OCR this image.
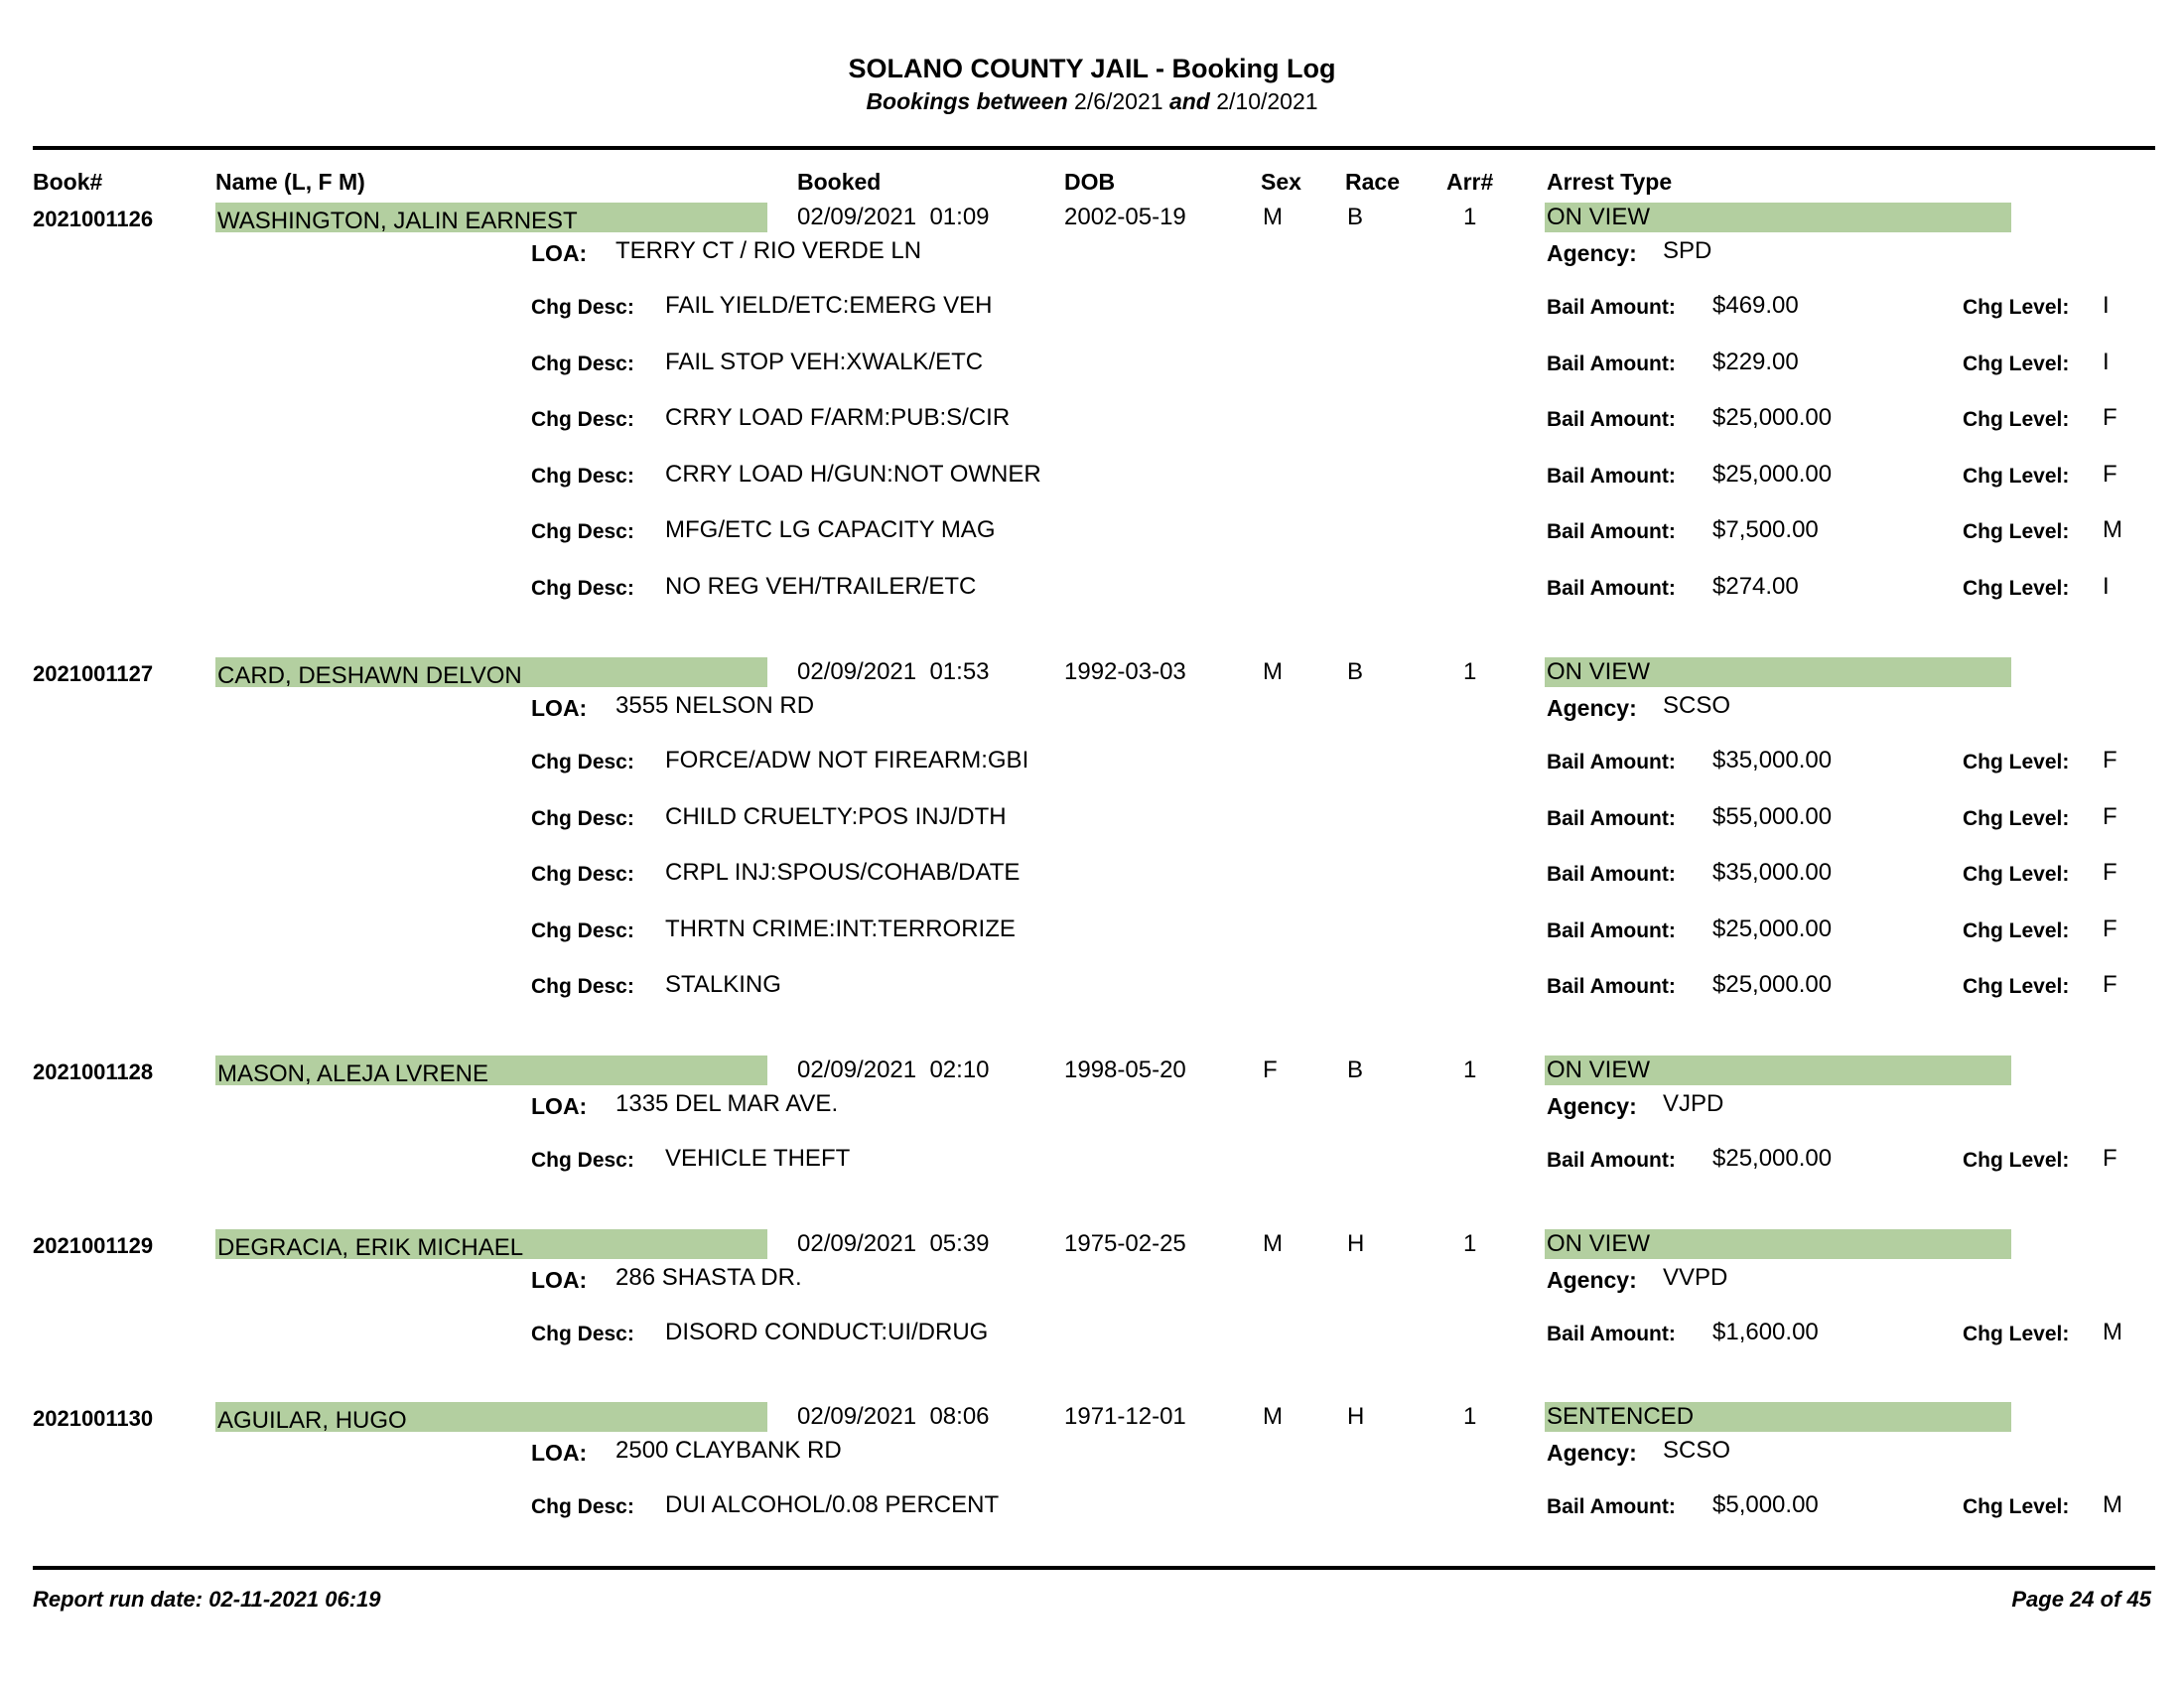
SOLANO COUNTY JAIL - Booking Log
Bookings between 2/6/2021 and 2/10/2021
Book#	Name (L, F M)	Booked	DOB	Sex Race Arr# Arrest Type
2021001126	WASHINGTON, JALIN EARNEST	02/09/2021  01:09	2002-05-19	M	B	1	ON VIEW
LOA: TERRY CT / RIO VERDE LN	Agency: SPD
Chg Desc: FAIL YIELD/ETC:EMERG VEH	Bail Amount: $469.00	Chg Level: I
Chg Desc: FAIL STOP VEH:XWALK/ETC	Bail Amount: $229.00	Chg Level: I
Chg Desc: CRRY LOAD F/ARM:PUB:S/CIR	Bail Amount: $25,000.00	Chg Level: F
Chg Desc: CRRY LOAD H/GUN:NOT OWNER	Bail Amount: $25,000.00	Chg Level: F
Chg Desc: MFG/ETC LG CAPACITY MAG	Bail Amount: $7,500.00	Chg Level: M
Chg Desc: NO REG VEH/TRAILER/ETC	Bail Amount: $274.00	Chg Level: I
2021001127	CARD, DESHAWN DELVON	02/09/2021  01:53	1992-03-03	M	B	1	ON VIEW
LOA: 3555 NELSON RD	Agency: SCSO
Chg Desc: FORCE/ADW NOT FIREARM:GBI	Bail Amount: $35,000.00	Chg Level: F
Chg Desc: CHILD CRUELTY:POS INJ/DTH	Bail Amount: $55,000.00	Chg Level: F
Chg Desc: CRPL INJ:SPOUS/COHAB/DATE	Bail Amount: $35,000.00	Chg Level: F
Chg Desc: THRTN CRIME:INT:TERRORIZE	Bail Amount: $25,000.00	Chg Level: F
Chg Desc: STALKING	Bail Amount: $25,000.00	Chg Level: F
2021001128	MASON, ALEJA LVRENE	02/09/2021  02:10	1998-05-20	F	B	1	ON VIEW
LOA: 1335 DEL MAR AVE.	Agency: VJPD
Chg Desc: VEHICLE THEFT	Bail Amount: $25,000.00	Chg Level: F
2021001129	DEGRACIA, ERIK MICHAEL	02/09/2021  05:39	1975-02-25	M	H	1	ON VIEW
LOA: 286 SHASTA DR.	Agency: VVPD
Chg Desc: DISORD CONDUCT:UI/DRUG	Bail Amount: $1,600.00	Chg Level: M
2021001130	AGUILAR, HUGO	02/09/2021  08:06	1971-12-01	M	H	1	SENTENCED
LOA: 2500 CLAYBANK RD	Agency: SCSO
Chg Desc: DUI ALCOHOL/0.08 PERCENT	Bail Amount: $5,000.00	Chg Level: M
Report run date: 02-11-2021 06:19	Page 24 of 45
